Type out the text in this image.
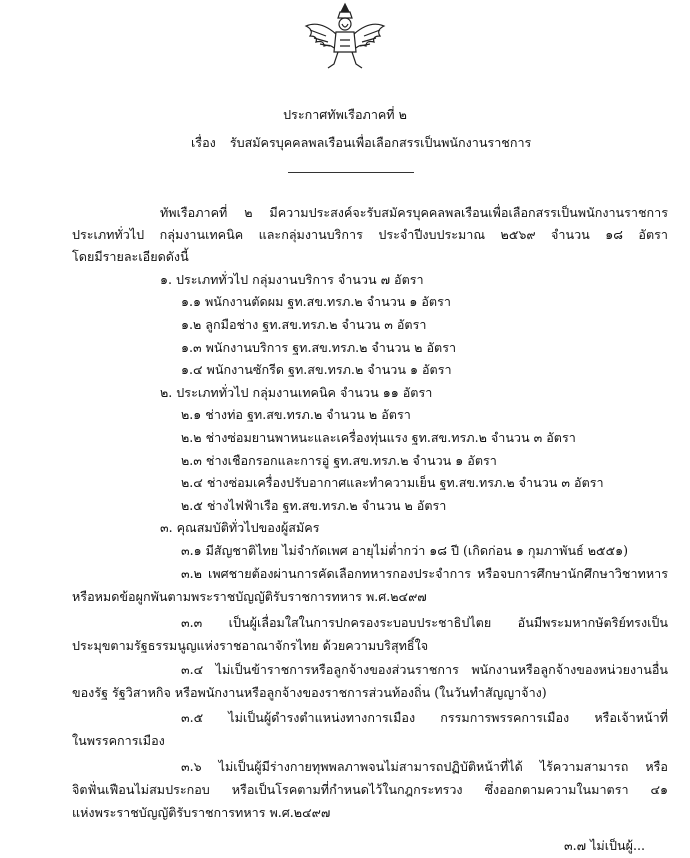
ประกาศทัพเรือภาคที่ ๒
เรื่อง รับสมัครบุคคลพลเรือนเพื่อเลือกสรรเป็นพนักงานราชการ
ทัพเรือภาคที่ ๒ มีความประสงค์จะรับสมัครบุคคลพลเรือนเพื่อเลือกสรรเป็นพนักงานราชการ
ประเภททั่วไป กลุ่มงานเทคนิค และกลุ่มงานบริการ ประจำปีงบประมาณ ๒๕๖๙ จำนวน ๑๘ อัตรา
โดยมีรายละเอียดดังนี้
๑. ประเภททั่วไป กลุ่มงานบริการ จำนวน ๗ อัตรา
๑.๑ พนักงานตัดผม ฐท.สข.ทรภ.๒ จำนวน ๑ อัตรา
๑.๒ ลูกมือช่าง ฐท.สข.ทรภ.๒ จำนวน ๓ อัตรา
๑.๓ พนักงานบริการ ฐท.สข.ทรภ.๒ จำนวน ๒ อัตรา
๑.๔ พนักงานซักรีด ฐท.สข.ทรภ.๒ จำนวน ๑ อัตรา
๒. ประเภททั่วไป กลุ่มงานเทคนิค จำนวน ๑๑ อัตรา
๒.๑ ช่างท่อ ฐท.สข.ทรภ.๒ จำนวน ๒ อัตรา
๒.๒ ช่างซ่อมยานพาหนะและเครื่องทุ่นแรง ฐท.สข.ทรภ.๒ จำนวน ๓ อัตรา
๒.๓ ช่างเชือกรอกและการอู่ ฐท.สข.ทรภ.๒ จำนวน ๑ อัตรา
๒.๔ ช่างซ่อมเครื่องปรับอากาศและทำความเย็น ฐท.สข.ทรภ.๒ จำนวน ๓ อัตรา
๒.๕ ช่างไฟฟ้าเรือ ฐท.สข.ทรภ.๒ จำนวน ๒ อัตรา
๓. คุณสมบัติทั่วไปของผู้สมัคร
๓.๑ มีสัญชาติไทย ไม่จำกัดเพศ อายุไม่ต่ำกว่า ๑๘ ปี (เกิดก่อน ๑ กุมภาพันธ์ ๒๕๕๑)
๓.๒ เพศชายต้องผ่านการคัดเลือกทหารกองประจำการ หรือจบการศึกษานักศึกษาวิชาทหาร
หรือหมดข้อผูกพันตามพระราชบัญญัติรับราชการทหาร พ.ศ.๒๔๙๗
๓.๓ เป็นผู้เลื่อมใสในการปกครองระบอบประชาธิปไตย อันมีพระมหากษัตริย์ทรงเป็น
ประมุขตามรัฐธรรมนูญแห่งราชอาณาจักรไทย ด้วยความบริสุทธิ์ใจ
๓.๔ ไม่เป็นข้าราชการหรือลูกจ้างของส่วนราชการ พนักงานหรือลูกจ้างของหน่วยงานอื่น
ของรัฐ รัฐวิสาหกิจ หรือพนักงานหรือลูกจ้างของราชการส่วนท้องถิ่น (ในวันทำสัญญาจ้าง)
๓.๕ ไม่เป็นผู้ดำรงตำแหน่งทางการเมือง กรรมการพรรคการเมือง หรือเจ้าหน้าที่
ในพรรคการเมือง
๓.๖ ไม่เป็นผู้มีร่างกายทุพพลภาพจนไม่สามารถปฏิบัติหน้าที่ได้ ไร้ความสามารถ หรือ
จิตฟั่นเฟือนไม่สมประกอบ หรือเป็นโรคตามที่กำหนดไว้ในกฎกระทรวง ซึ่งออกตามความในมาตรา ๔๑
แห่งพระราชบัญญัติรับราชการทหาร พ.ศ.๒๔๙๗
๓.๗ ไม่เป็นผู้...
